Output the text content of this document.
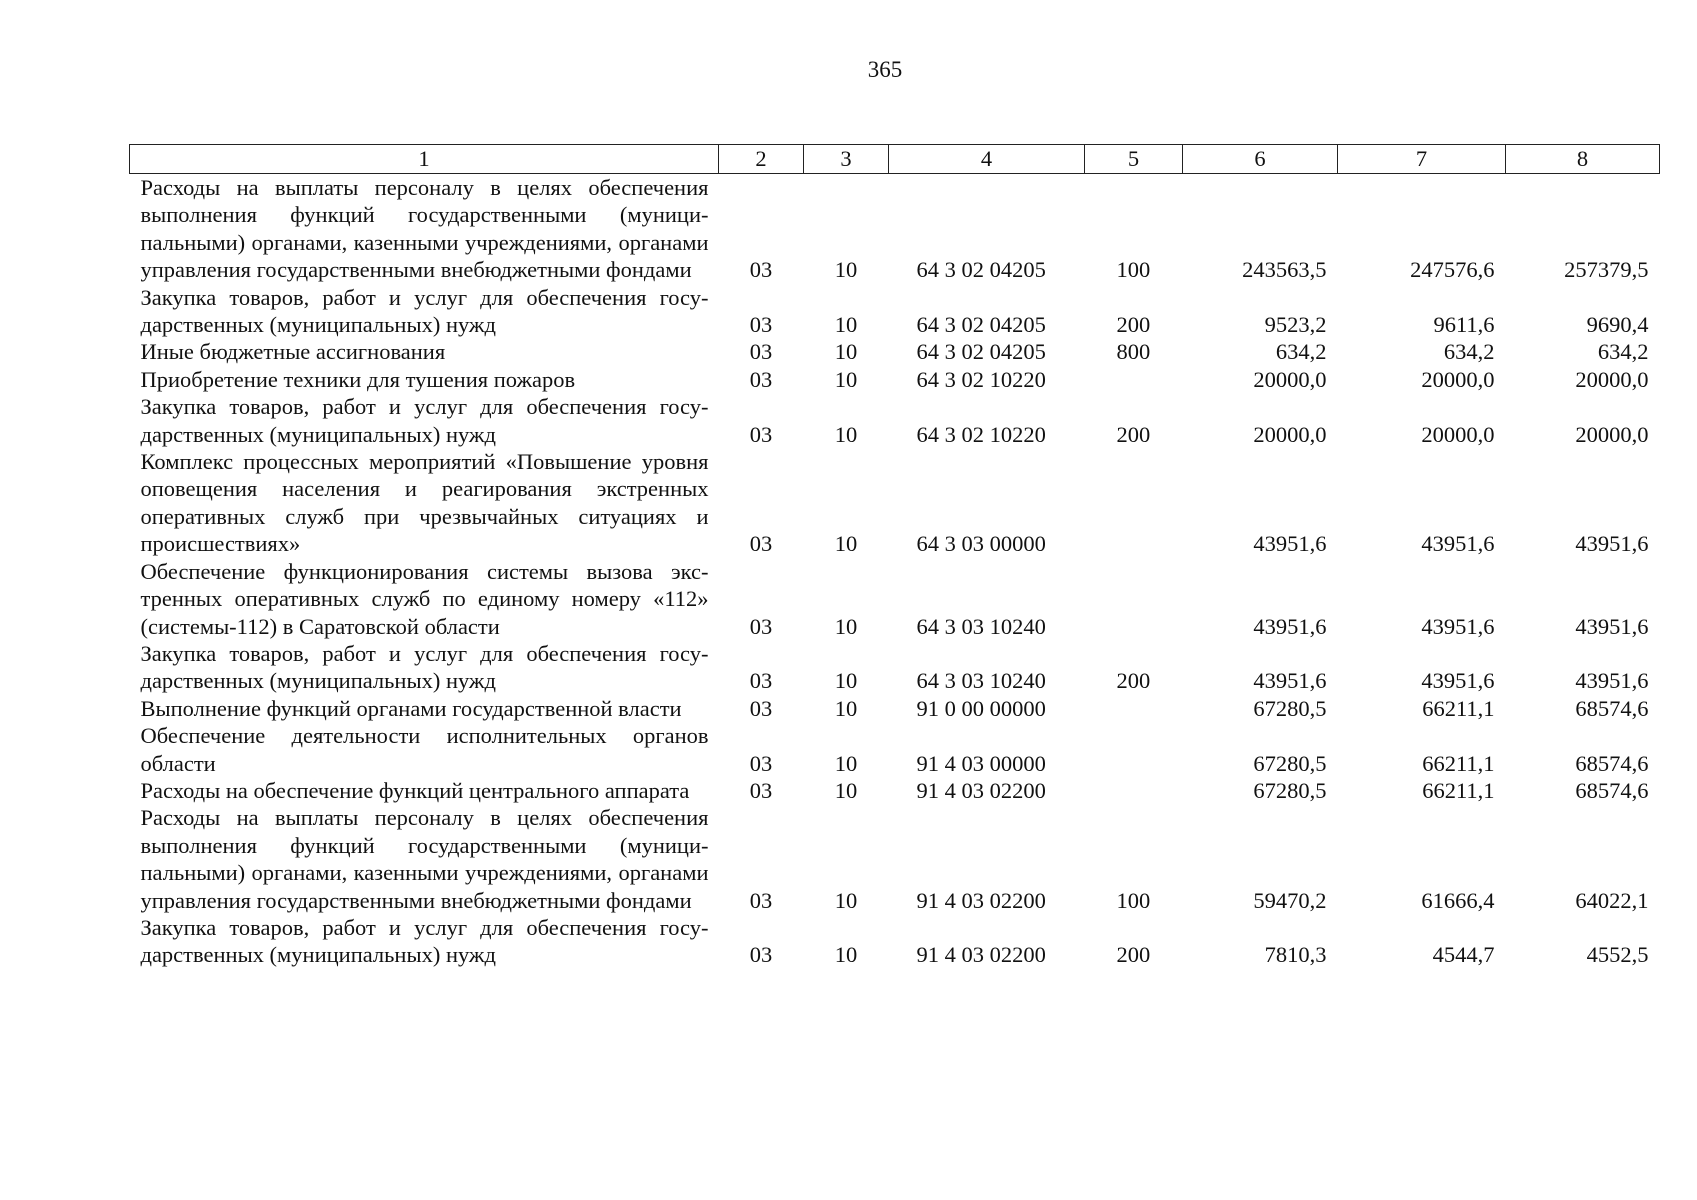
365
1	2	3	4	5	6	7	8
Расходы на выплаты персоналу в целях обеспечения выполнения функций государственными (муниципальными) органами, казенными учреждениями, органами управления государственными внебюджетными фондами	03	10	64 3 02 04205	100	243563,5	247576,6	257379,5
Закупка товаров, работ и услуг для обеспечения государственных (муниципальных) нужд	03	10	64 3 02 04205	200	9523,2	9611,6	9690,4
Иные бюджетные ассигнования	03	10	64 3 02 04205	800	634,2	634,2	634,2
Приобретение техники для тушения пожаров	03	10	64 3 02 10220		20000,0	20000,0	20000,0
Закупка товаров, работ и услуг для обеспечения государственных (муниципальных) нужд	03	10	64 3 02 10220	200	20000,0	20000,0	20000,0
Комплекс процессных мероприятий «Повышение уровня оповещения населения и реагирования экстренных оперативных служб при чрезвычайных ситуациях и происшествиях»	03	10	64 3 03 00000		43951,6	43951,6	43951,6
Обеспечение функционирования системы вызова экстренных оперативных служб по единому номеру «112» (системы-112) в Саратовской области	03	10	64 3 03 10240		43951,6	43951,6	43951,6
Закупка товаров, работ и услуг для обеспечения государственных (муниципальных) нужд	03	10	64 3 03 10240	200	43951,6	43951,6	43951,6
Выполнение функций органами государственной власти	03	10	91 0 00 00000		67280,5	66211,1	68574,6
Обеспечение деятельности исполнительных органов области	03	10	91 4 03 00000		67280,5	66211,1	68574,6
Расходы на обеспечение функций центрального аппарата	03	10	91 4 03 02200		67280,5	66211,1	68574,6
Расходы на выплаты персоналу в целях обеспечения выполнения функций государственными (муниципальными) органами, казенными учреждениями, органами управления государственными внебюджетными фондами	03	10	91 4 03 02200	100	59470,2	61666,4	64022,1
Закупка товаров, работ и услуг для обеспечения государственных (муниципальных) нужд	03	10	91 4 03 02200	200	7810,3	4544,7	4552,5
